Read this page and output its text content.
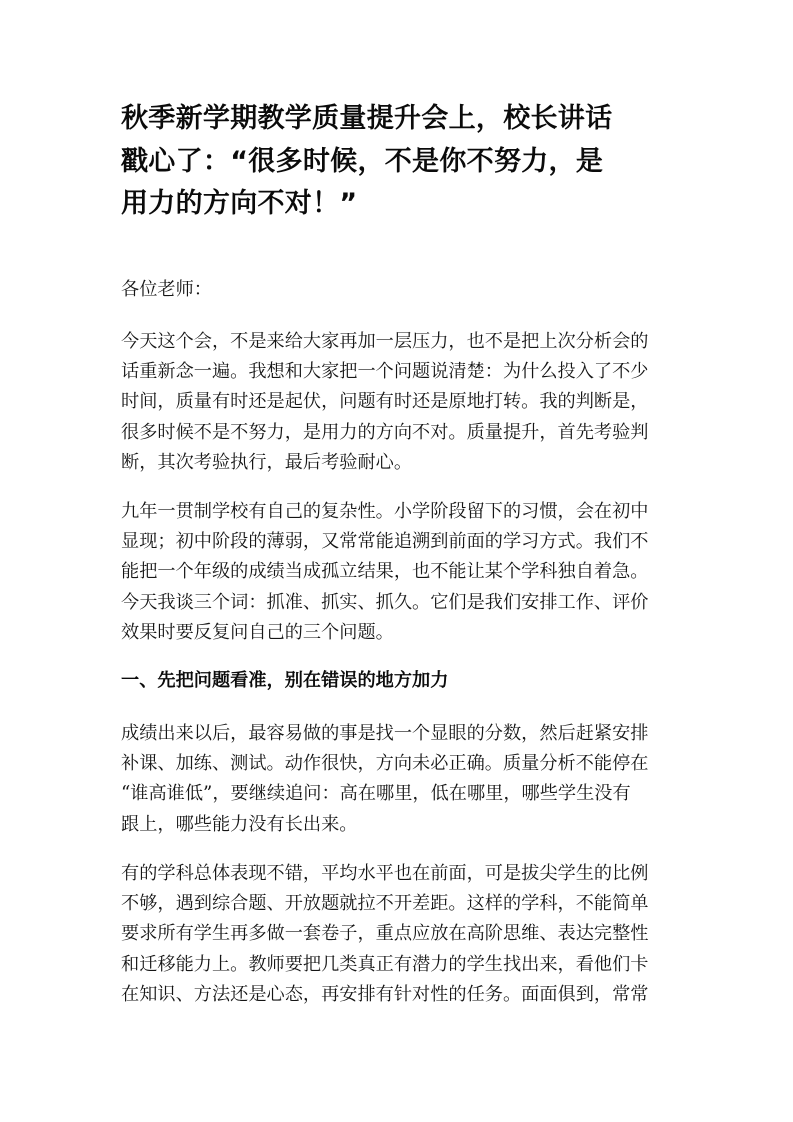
秋季新学期教学质量提升会上，校长讲话
戳心了：“很多时候，不是你不努力，是
用力的方向不对！”

各位老师：

今天这个会，不是来给大家再加一层压力，也不是把上次分析会的
话重新念一遍。我想和大家把一个问题说清楚：为什么投入了不少
时间，质量有时还是起伏，问题有时还是原地打转。我的判断是，
很多时候不是不努力，是用力的方向不对。质量提升，首先考验判
断，其次考验执行，最后考验耐心。

九年一贯制学校有自己的复杂性。小学阶段留下的习惯，会在初中
显现；初中阶段的薄弱，又常常能追溯到前面的学习方式。我们不
能把一个年级的成绩当成孤立结果，也不能让某个学科独自着急。
今天我谈三个词：抓准、抓实、抓久。它们是我们安排工作、评价
效果时要反复问自己的三个问题。

一、先把问题看准，别在错误的地方加力

成绩出来以后，最容易做的事是找一个显眼的分数，然后赶紧安排
补课、加练、测试。动作很快，方向未必正确。质量分析不能停在
“谁高谁低”，要继续追问：高在哪里，低在哪里，哪些学生没有
跟上，哪些能力没有长出来。

有的学科总体表现不错，平均水平也在前面，可是拔尖学生的比例
不够，遇到综合题、开放题就拉不开差距。这样的学科，不能简单
要求所有学生再多做一套卷子，重点应放在高阶思维、表达完整性
和迁移能力上。教师要把几类真正有潜力的学生找出来，看他们卡
在知识、方法还是心态，再安排有针对性的任务。面面俱到，常常
